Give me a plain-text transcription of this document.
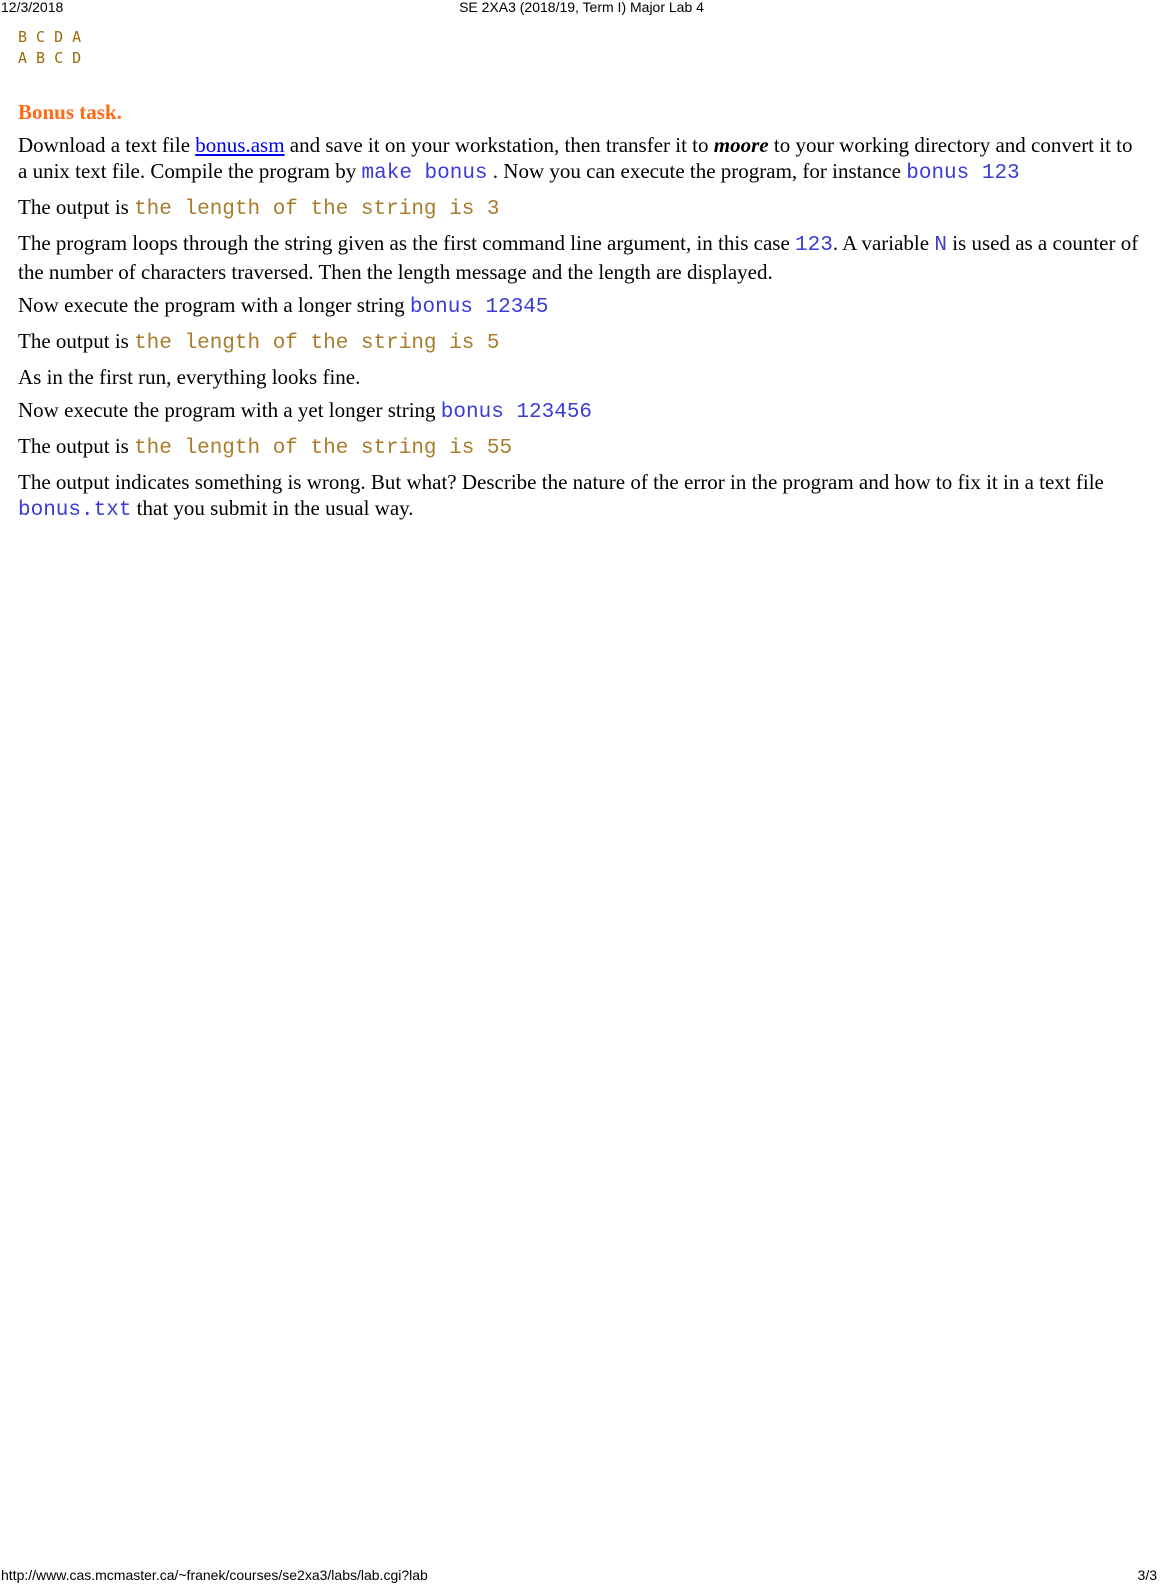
12/3/2018	SE 2XA3 (2018/19, Term I) Major Lab 4
B C D A
A B C D
Bonus task.

Download a text file bonus.asm and save it on your workstation, then transfer it to moore to your working directory and convert it to a unix text file. Compile the program by make bonus . Now you can execute the program, for instance bonus 123

The output is the length of the string is 3

The program loops through the string given as the first command line argument, in this case 123. A variable N is used as a counter of the number of characters traversed. Then the length message and the length are displayed.

Now execute the program with a longer string bonus 12345

The output is the length of the string is 5

As in the first run, everything looks fine.

Now execute the program with a yet longer string bonus 123456

The output is the length of the string is 55

The output indicates something is wrong. But what? Describe the nature of the error in the program and how to fix it in a text file bonus.txt that you submit in the usual way.

http://www.cas.mcmaster.ca/~franek/courses/se2xa3/labs/lab.cgi?lab	3/3
